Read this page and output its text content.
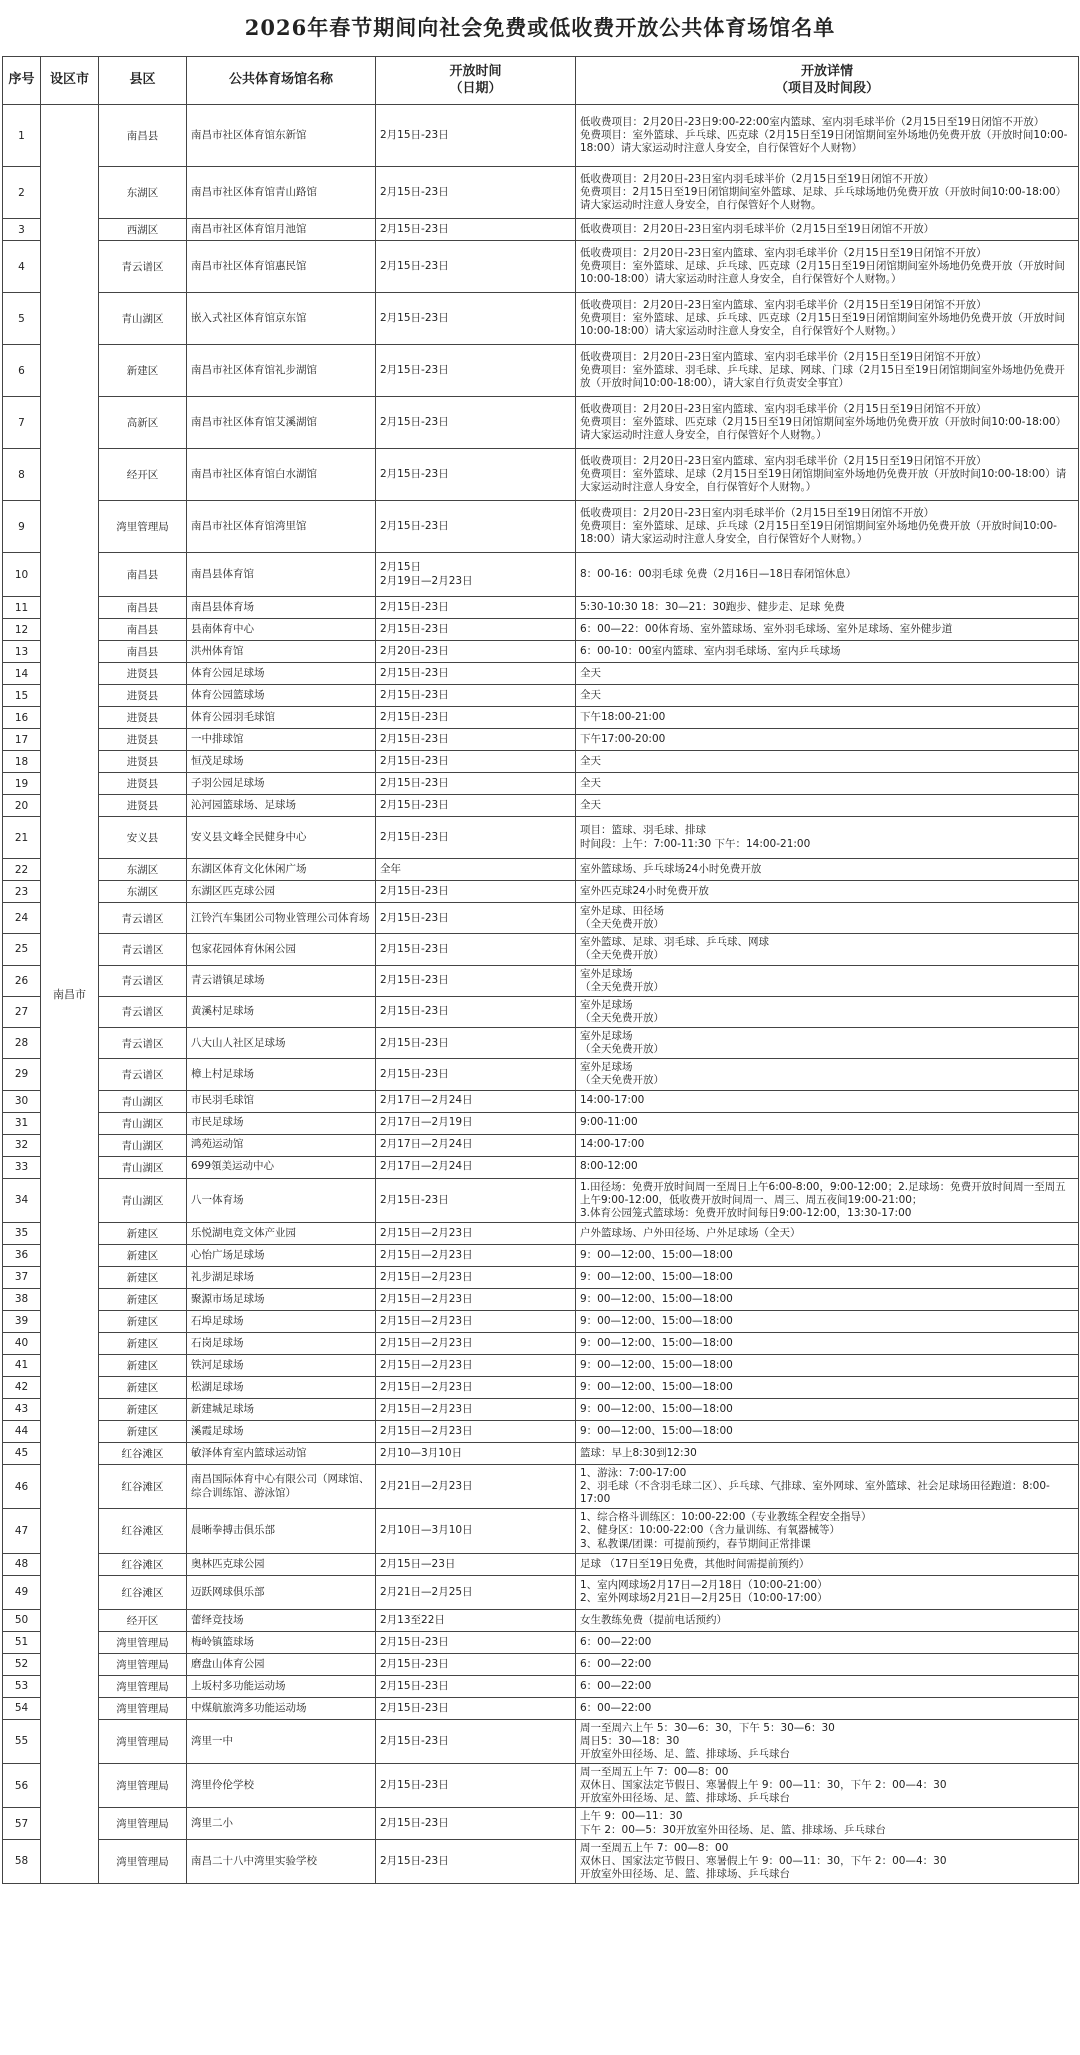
2026年春节期间向社会免费或低收费开放公共体育场馆名单
序号	设区市	县区	公共体育场馆名称	开放时间
（日期）	开放详情
（项目及时间段）
1	南昌市	南昌县	南昌市社区体育馆东新馆	2月15日-23日	低收费项目：2月20日-23日9:00-22:00室内篮球、室内羽毛球半价（2月15日至19日闭馆不开放）
免费项目：室外篮球、乒乓球、匹克球（2月15日至19日闭馆期间室外场地仍免费开放（开放时间10:00-18:00）请大家运动时注意人身安全，自行保管好个人财物）
2		东湖区	南昌市社区体育馆青山路馆	2月15日-23日	低收费项目：2月20日-23日室内羽毛球半价（2月15日至19日闭馆不开放）
免费项目：2月15日至19日闭馆期间室外篮球、足球、乒乓球场地仍免费开放（开放时间10:00-18:00）请大家运动时注意人身安全，自行保管好个人财物。
3		西湖区	南昌市社区体育馆月池馆	2月15日-23日	低收费项目：2月20日-23日室内羽毛球半价（2月15日至19日闭馆不开放）
4		青云谱区	南昌市社区体育馆惠民馆	2月15日-23日	低收费项目：2月20日-23日室内篮球、室内羽毛球半价（2月15日至19日闭馆不开放）
免费项目：室外篮球、足球、乒乓球、匹克球（2月15日至19日闭馆期间室外场地仍免费开放（开放时间10:00-18:00）请大家运动时注意人身安全，自行保管好个人财物。）
5		青山湖区	嵌入式社区体育馆京东馆	2月15日-23日	低收费项目：2月20日-23日室内篮球、室内羽毛球半价（2月15日至19日闭馆不开放）
免费项目：室外篮球、足球、乒乓球、匹克球（2月15日至19日闭馆期间室外场地仍免费开放（开放时间10:00-18:00）请大家运动时注意人身安全，自行保管好个人财物。）
6		新建区	南昌市社区体育馆礼步湖馆	2月15日-23日	低收费项目：2月20日-23日室内篮球、室内羽毛球半价（2月15日至19日闭馆不开放）
免费项目：室外篮球、羽毛球、乒乓球、足球、网球、门球（2月15日至19日闭馆期间室外场地仍免费开放（开放时间10:00-18:00），请大家自行负责安全事宜）
7		高新区	南昌市社区体育馆艾溪湖馆	2月15日-23日	低收费项目：2月20日-23日室内篮球、室内羽毛球半价（2月15日至19日闭馆不开放）
免费项目：室外篮球、匹克球（2月15日至19日闭馆期间室外场地仍免费开放（开放时间10:00-18:00）请大家运动时注意人身安全，自行保管好个人财物。）
8		经开区	南昌市社区体育馆白水湖馆	2月15日-23日	低收费项目：2月20日-23日室内篮球、室内羽毛球半价（2月15日至19日闭馆不开放）
免费项目：室外篮球、足球（2月15日至19日闭馆期间室外场地仍免费开放（开放时间10:00-18:00）请大家运动时注意人身安全，自行保管好个人财物。）
9		湾里管理局	南昌市社区体育馆湾里馆	2月15日-23日	低收费项目：2月20日-23日室内羽毛球半价（2月15日至19日闭馆不开放）
免费项目：室外篮球、足球、乒乓球（2月15日至19日闭馆期间室外场地仍免费开放（开放时间10:00-18:00）请大家运动时注意人身安全，自行保管好个人财物。）
10		南昌县	南昌县体育馆	2月15日
2月19日—2月23日	8：00-16：00羽毛球 免费（2月16日—18日春闭馆休息）
11		南昌县	南昌县体育场	2月15日-23日	5:30-10:30 18：30—21：30跑步、健步走、足球 免费
12		南昌县	县南体育中心	2月15日-23日	6：00—22：00体育场、室外篮球场、室外羽毛球场、室外足球场、室外健步道
13		南昌县	洪州体育馆	2月20日-23日	6：00-10：00室内篮球、室内羽毛球场、室内乒乓球场
14		进贤县	体育公园足球场	2月15日-23日	全天
15		进贤县	体育公园篮球场	2月15日-23日	全天
16		进贤县	体育公园羽毛球馆	2月15日-23日	下午18:00-21:00
17		进贤县	一中排球馆	2月15日-23日	下午17:00-20:00
18		进贤县	恒茂足球场	2月15日-23日	全天
19		进贤县	子羽公园足球场	2月15日-23日	全天
20		进贤县	沁河园篮球场、足球场	2月15日-23日	全天
21		安义县	安义县文峰全民健身中心	2月15日-23日	项目：篮球、羽毛球、排球
时间段：上午：7:00-11:30 下午：14:00-21:00
22		东湖区	东湖区体育文化休闲广场	全年	室外篮球场、乒乓球场24小时免费开放
23		东湖区	东湖区匹克球公园	2月15日-23日	室外匹克球24小时免费开放
24		青云谱区	江铃汽车集团公司物业管理公司体育场	2月15日-23日	室外足球、田径场
（全天免费开放）
25		青云谱区	包家花园体育休闲公园	2月15日-23日	室外篮球、足球、羽毛球、乒乓球、网球
（全天免费开放）
26		青云谱区	青云谱镇足球场	2月15日-23日	室外足球场
（全天免费开放）
27		青云谱区	黄溪村足球场	2月15日-23日	室外足球场
（全天免费开放）
28		青云谱区	八大山人社区足球场	2月15日-23日	室外足球场
（全天免费开放）
29		青云谱区	樟上村足球场	2月15日-23日	室外足球场
（全天免费开放）
30		青山湖区	市民羽毛球馆	2月17日—2月24日	14:00-17:00
31		青山湖区	市民足球场	2月17日—2月19日	9:00-11:00
32		青山湖区	鸿苑运动馆	2月17日—2月24日	14:00-17:00
33		青山湖区	699領美运动中心	2月17日—2月24日	8:00-12:00
34		青山湖区	八一体育场	2月15日-23日	1.田径场：免费开放时间周一至周日上午6:00-8:00，9:00-12:00；2.足球场：免费开放时间周一至周五上午9:00-12:00，低收费开放时间周一、周三、周五夜间19:00-21:00；
3.体育公园笼式篮球场：免费开放时间每日9:00-12:00，13:30-17:00
35		新建区	乐悦湖电竞文体产业园	2月15日—2月23日	户外篮球场、户外田径场、户外足球场（全天）
36		新建区	心怡广场足球场	2月15日—2月23日	9：00—12:00、15:00—18:00
37		新建区	礼步湖足球场	2月15日—2月23日	9：00—12:00、15:00—18:00
38		新建区	聚源市场足球场	2月15日—2月23日	9：00—12:00、15:00—18:00
39		新建区	石埠足球场	2月15日—2月23日	9：00—12:00、15:00—18:00
40		新建区	石岗足球场	2月15日—2月23日	9：00—12:00、15:00—18:00
41		新建区	铁河足球场	2月15日—2月23日	9：00—12:00、15:00—18:00
42		新建区	松湖足球场	2月15日—2月23日	9：00—12:00、15:00—18:00
43		新建区	新建城足球场	2月15日—2月23日	9：00—12:00、15:00—18:00
44		新建区	溪霞足球场	2月15日—2月23日	9：00—12:00、15:00—18:00
45		红谷滩区	敏泽体育室内篮球运动馆	2月10—3月10日	篮球：早上8:30到12:30
46		红谷滩区	南昌国际体育中心有限公司（网球馆、综合训练馆、游泳馆）	2月21日—2月23日	1、游泳：7:00-17:00
2、羽毛球（不含羽毛球二区）、乒乓球、气排球、室外网球、室外篮球、社会足球场田径跑道：8:00-17:00
47		红谷滩区	晨晰拳搏击俱乐部	2月10日—3月10日	1、综合格斗训练区：10:00-22:00（专业教练全程安全指导）
2、健身区：10:00-22:00（含力量训练、有氧器械等）
3、私教课/团课：可提前预约，春节期间正常排课
48		红谷滩区	奥林匹克球公园	2月15日—23日	足球 （17日至19日免费，其他时间需提前预约）
49		红谷滩区	迈跃网球俱乐部	2月21日—2月25日	1、室内网球场2月17日—2月18日（10:00-21:00）
2、室外网球场2月21日—2月25日（10:00-17:00）
50		经开区	蕾绎竞技场	2月13至22日	女生教练免费（提前电话预约）
51		湾里管理局	梅岭镇篮球场	2月15日-23日	6：00—22:00
52		湾里管理局	磨盘山体育公园	2月15日-23日	6：00—22:00
53		湾里管理局	上坂村多功能运动场	2月15日-23日	6：00—22:00
54		湾里管理局	中煤航旅湾多功能运动场	2月15日-23日	6：00—22:00
55		湾里管理局	湾里一中	2月15日-23日	周一至周六上午 5：30—6：30，下午 5：30—6：30
周日5：30—18：30
开放室外田径场、足、篮、排球场、乒乓球台
56		湾里管理局	湾里伶伦学校	2月15日-23日	周一至周五上午 7：00—8：00
双休日、国家法定节假日、寒暑假上午 9：00—11：30，下午 2：00—4：30
开放室外田径场、足、篮、排球场、乒乓球台
57		湾里管理局	湾里二小	2月15日-23日	上午 9：00—11：30
下午 2：00—5：30开放室外田径场、足、篮、排球场、乒乓球台
58		湾里管理局	南昌二十八中湾里实验学校	2月15日-23日	周一至周五上午 7：00—8：00
双休日、国家法定节假日、寒暑假上午 9：00—11：30，下午 2：00—4：30
开放室外田径场、足、篮、排球场、乒乓球台
